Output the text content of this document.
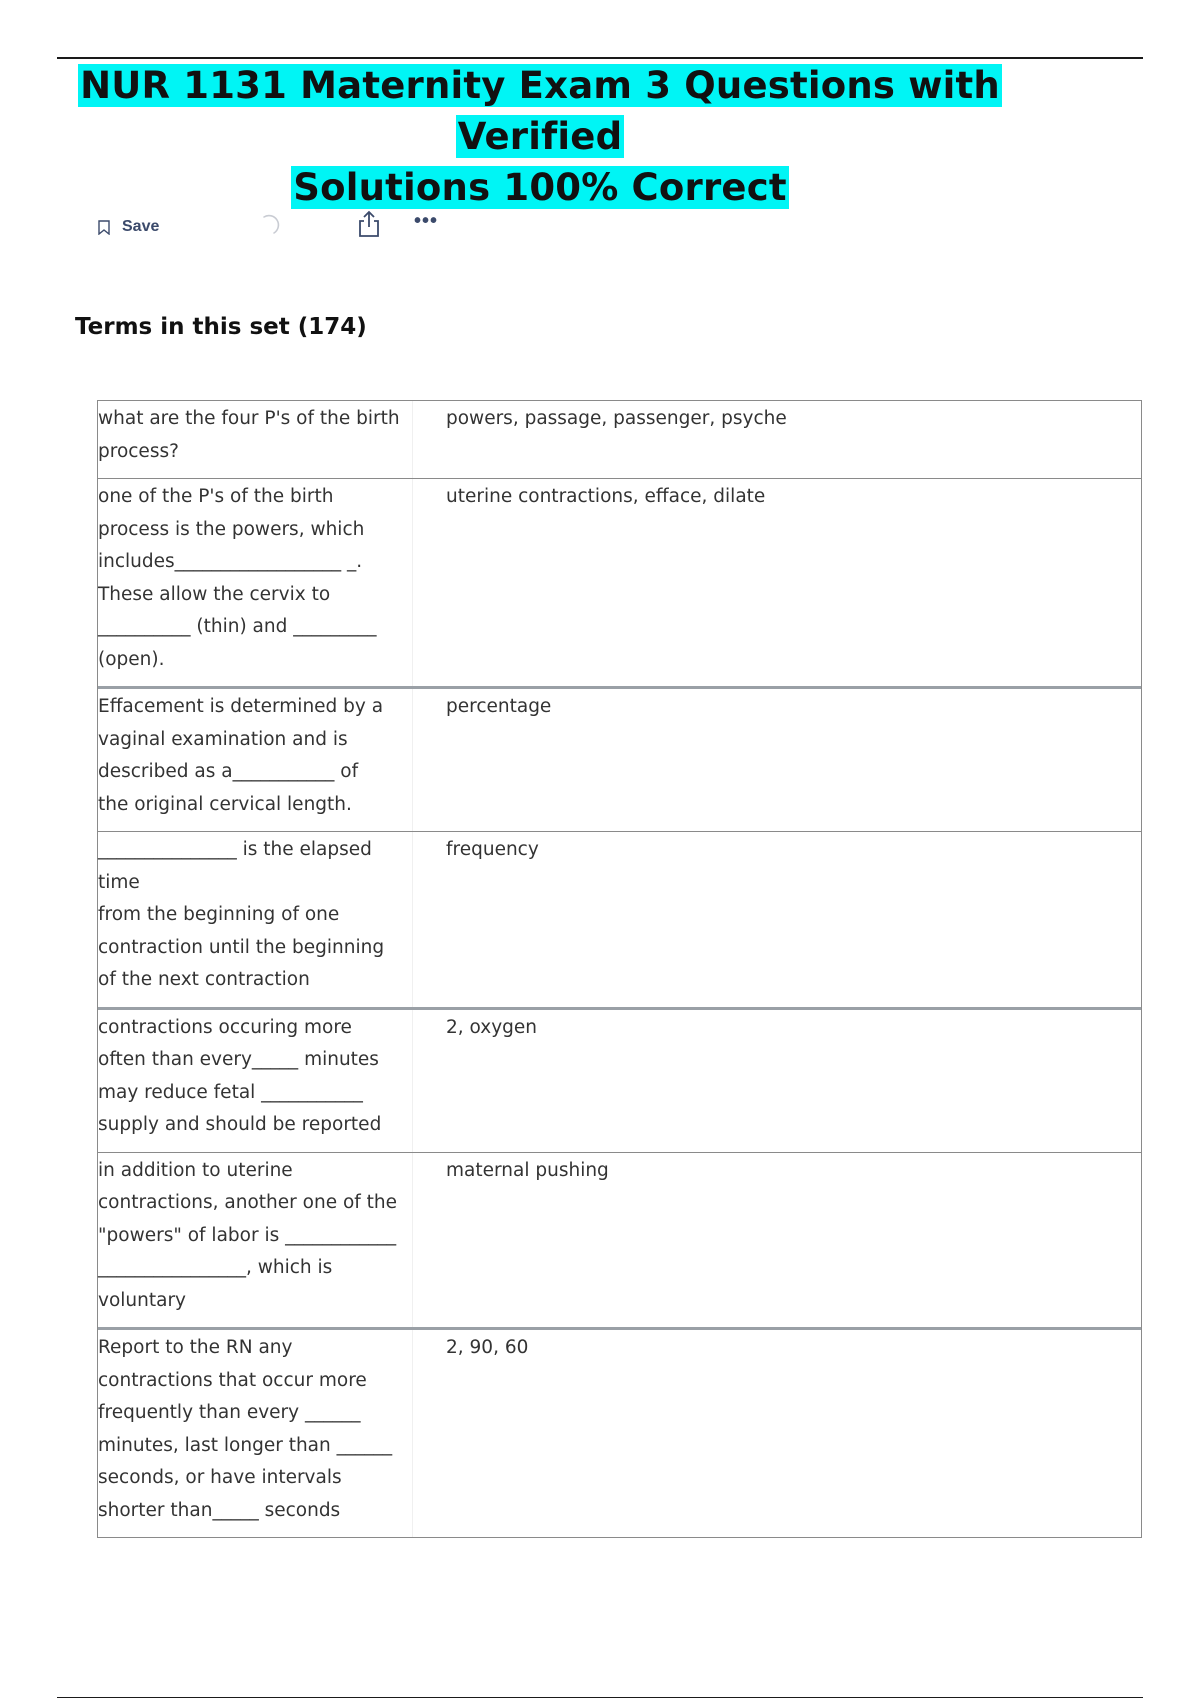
NUR 1131 Maternity Exam 3 Questions with Verified
Solutions 100% Correct
Save	•••
Terms in this set (174)
what are the four P's of the birth
process?
powers, passage, passenger, psyche
one of the P's of the birth
process is the powers, which
includes__________________ _.
These allow the cervix to
__________ (thin) and _________
(open).
uterine contractions, efface, dilate
Effacement is determined by a
vaginal examination and is
described as a___________ of
the original cervical length.
percentage
_______________ is the elapsed time
from the beginning of one
contraction until the beginning
of the next contraction
frequency
contractions occuring more
often than every_____ minutes
may reduce fetal ___________
supply and should be reported
2, oxygen
in addition to uterine
contractions, another one of the
"powers" of labor is ____________
________________, which is
voluntary
maternal pushing
Report to the RN any
contractions that occur more
frequently than every ______
minutes, last longer than ______
seconds, or have intervals
shorter than_____ seconds
2, 90, 60
